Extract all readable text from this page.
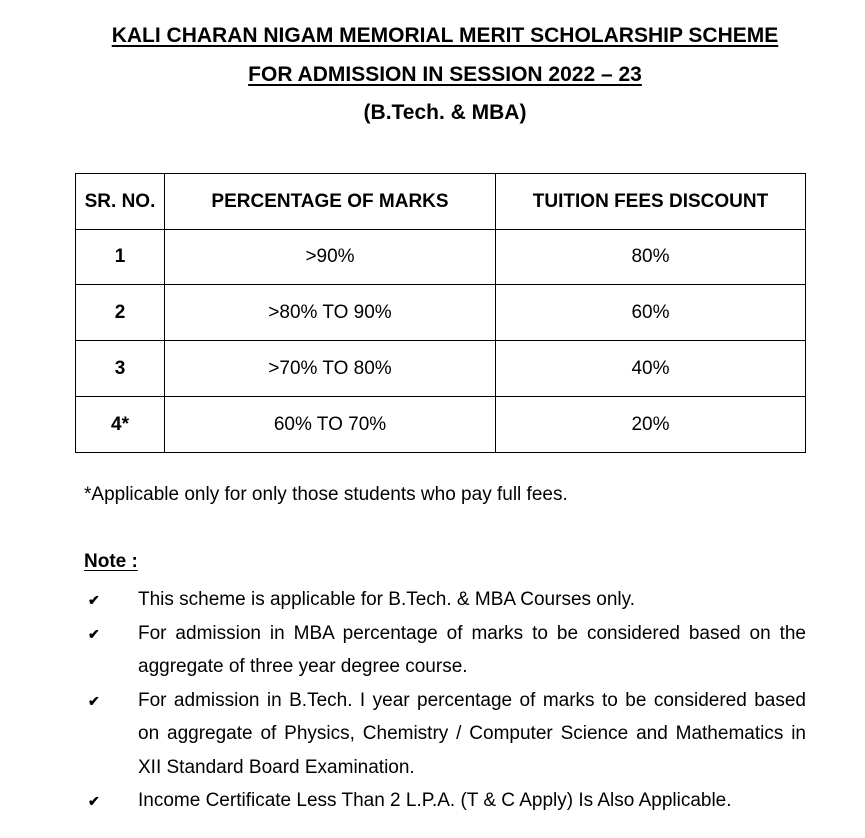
KALI CHARAN NIGAM MEMORIAL MERIT SCHOLARSHIP SCHEME

FOR ADMISSION IN SESSION 2022 – 23

(B.Tech. & MBA)

SR. NO.	PERCENTAGE OF MARKS	TUITION FEES DISCOUNT
1	>90%	80%
2	>80% TO 90%	60%
3	>70% TO 80%	40%
4*	60% TO 70%	20%

*Applicable only for only those students who pay full fees.

Note :

✔ This scheme is applicable for B.Tech. & MBA Courses only.
✔ For admission in MBA percentage of marks to be considered based on the aggregate of three year degree course.
✔ For admission in B.Tech. I year percentage of marks to be considered based on aggregate of Physics, Chemistry / Computer Science and Mathematics in XII Standard Board Examination.
✔ Income Certificate Less Than 2 L.P.A. (T & C Apply) Is Also Applicable.
